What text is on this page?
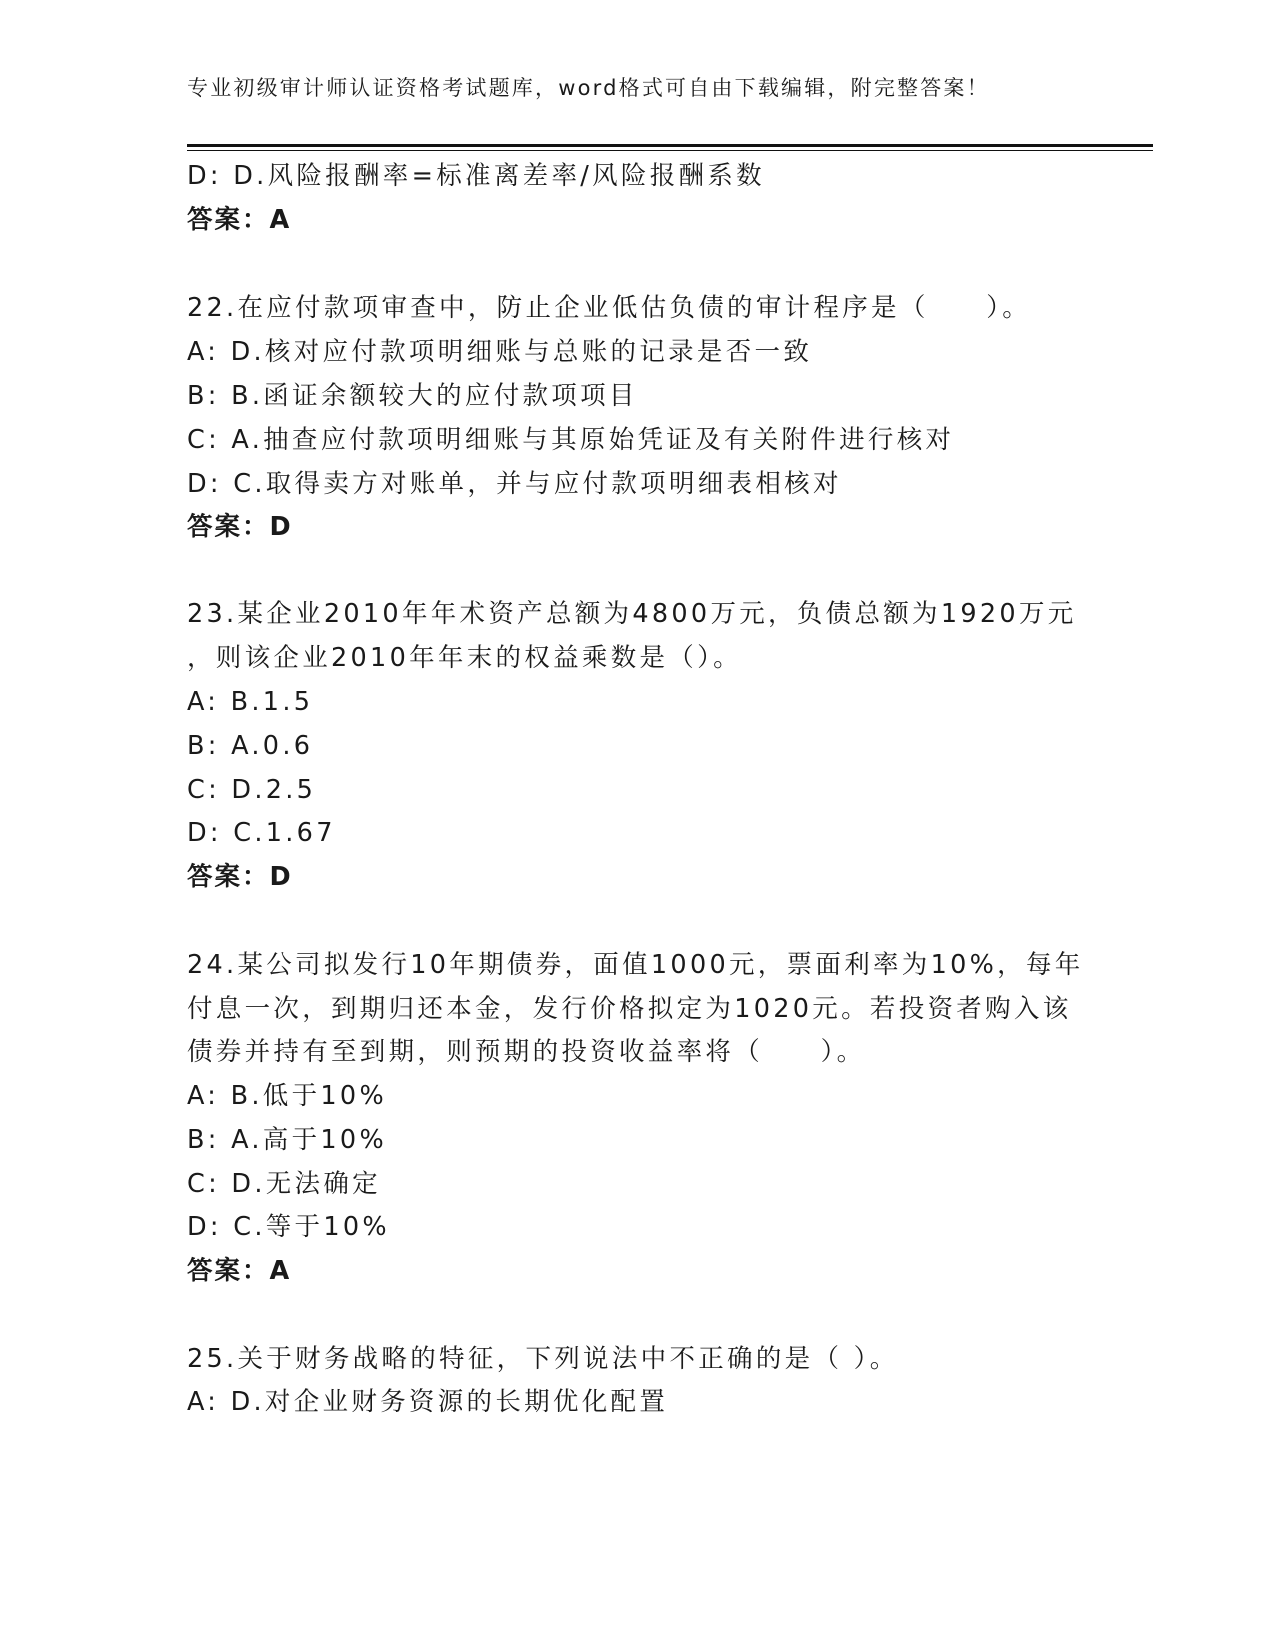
专业初级审计师认证资格考试题库，word格式可自由下载编辑，附完整答案！
D: D.风险报酬率=标准离差率/风险报酬系数
答案：A
22.在应付款项审查中，防止企业低估负债的审计程序是（　　）。
A: D.核对应付款项明细账与总账的记录是否一致
B: B.函证余额较大的应付款项项目
C: A.抽查应付款项明细账与其原始凭证及有关附件进行核对
D: C.取得卖方对账单，并与应付款项明细表相核对
答案：D
23.某企业2010年年术资产总额为4800万元，负债总额为1920万元
，则该企业2010年年末的权益乘数是（）。
A: B.1.5
B: A.0.6
C: D.2.5
D: C.1.67
答案：D
24.某公司拟发行10年期债券，面值1000元，票面利率为10%，每年
付息一次，到期归还本金，发行价格拟定为1020元。若投资者购入该
债券并持有至到期，则预期的投资收益率将（　　）。
A: B.低于10%
B: A.高于10%
C: D.无法确定
D: C.等于10%
答案：A
25.关于财务战略的特征，下列说法中不正确的是（ ）。
A: D.对企业财务资源的长期优化配置
